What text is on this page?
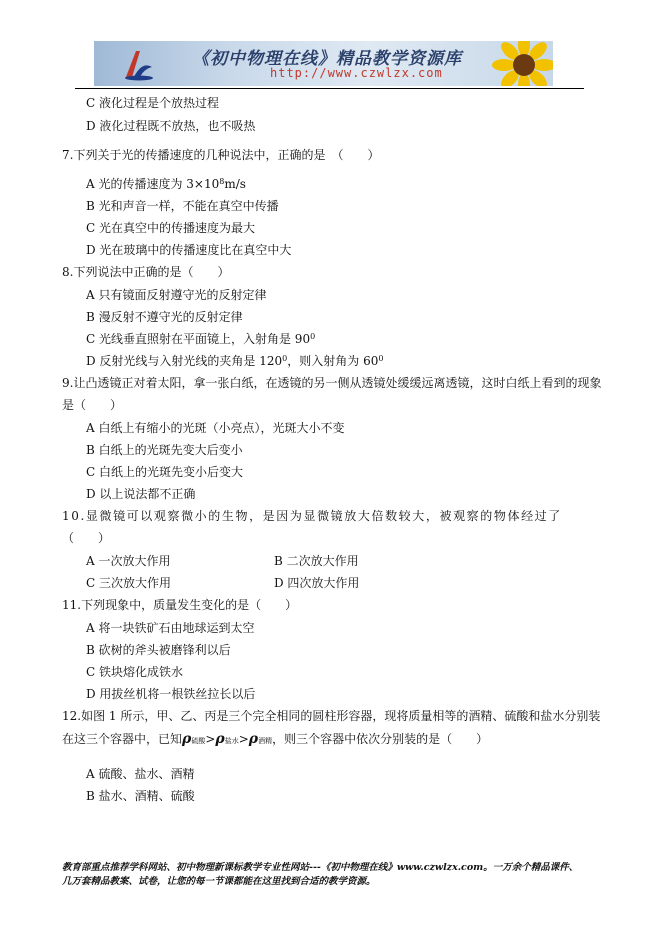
《初中物理在线》精品教学资源库
http://www.czwlzx.com
C 液化过程是个放热过程
D 液化过程既不放热，也不吸热
7.下列关于光的传播速度的几种说法中，正确的是　（　　）
A 光的传播速度为 $3\times 10^8m/s$
B 光和声音一样，不能在真空中传播
C 光在真空中的传播速度为最大
D 光在玻璃中的传播速度比在真空中大
8.下列说法中正确的是（　　）
A 只有镜面反射遵守光的反射定律
B 漫反射不遵守光的反射定律
C 光线垂直照射在平面镜上，入射角是 $90^0$
D 反射光线与入射光线的夹角是 $120^0$，则入射角为 $60^0$
9.让凸透镜正对着太阳，拿一张白纸，在透镜的另一侧从透镜处缓缓远离透镜，这时白纸上看到的现象
是（　　）
A 白纸上有缩小的光斑（小亮点），光斑大小不变
B 白纸上的光斑先变大后变小
C 白纸上的光斑先变小后变大
D 以上说法都不正确
10.显微镜可以观察微小的生物，是因为显微镜放大倍数较大，被观察的物体经过了
（　　）
A 一次放大作用	B 二次放大作用
C 三次放大作用	D 四次放大作用
11.下列现象中，质量发生变化的是（　　）
A 将一块铁矿石由地球运到太空
B 砍树的斧头被磨锋利以后
C 铁块熔化成铁水
D 用拔丝机将一根铁丝拉长以后
12.如图 1 所示，甲、乙、丙是三个完全相同的圆柱形容器，现将质量相等的酒精、硫酸和盐水分别装
在这三个容器中，已知ρ硫酸>ρ盐水>ρ酒精，则三个容器中依次分别装的是（　　）
A 硫酸、盐水、酒精
B 盐水、酒精、硫酸
教育部重点推荐学科网站、初中物理新课标教学专业性网站---《初中物理在线》www.czwlzx.com。一万余个精品课件、
几万套精品教案、试卷，让您的每一节课都能在这里找到合适的教学资源。
